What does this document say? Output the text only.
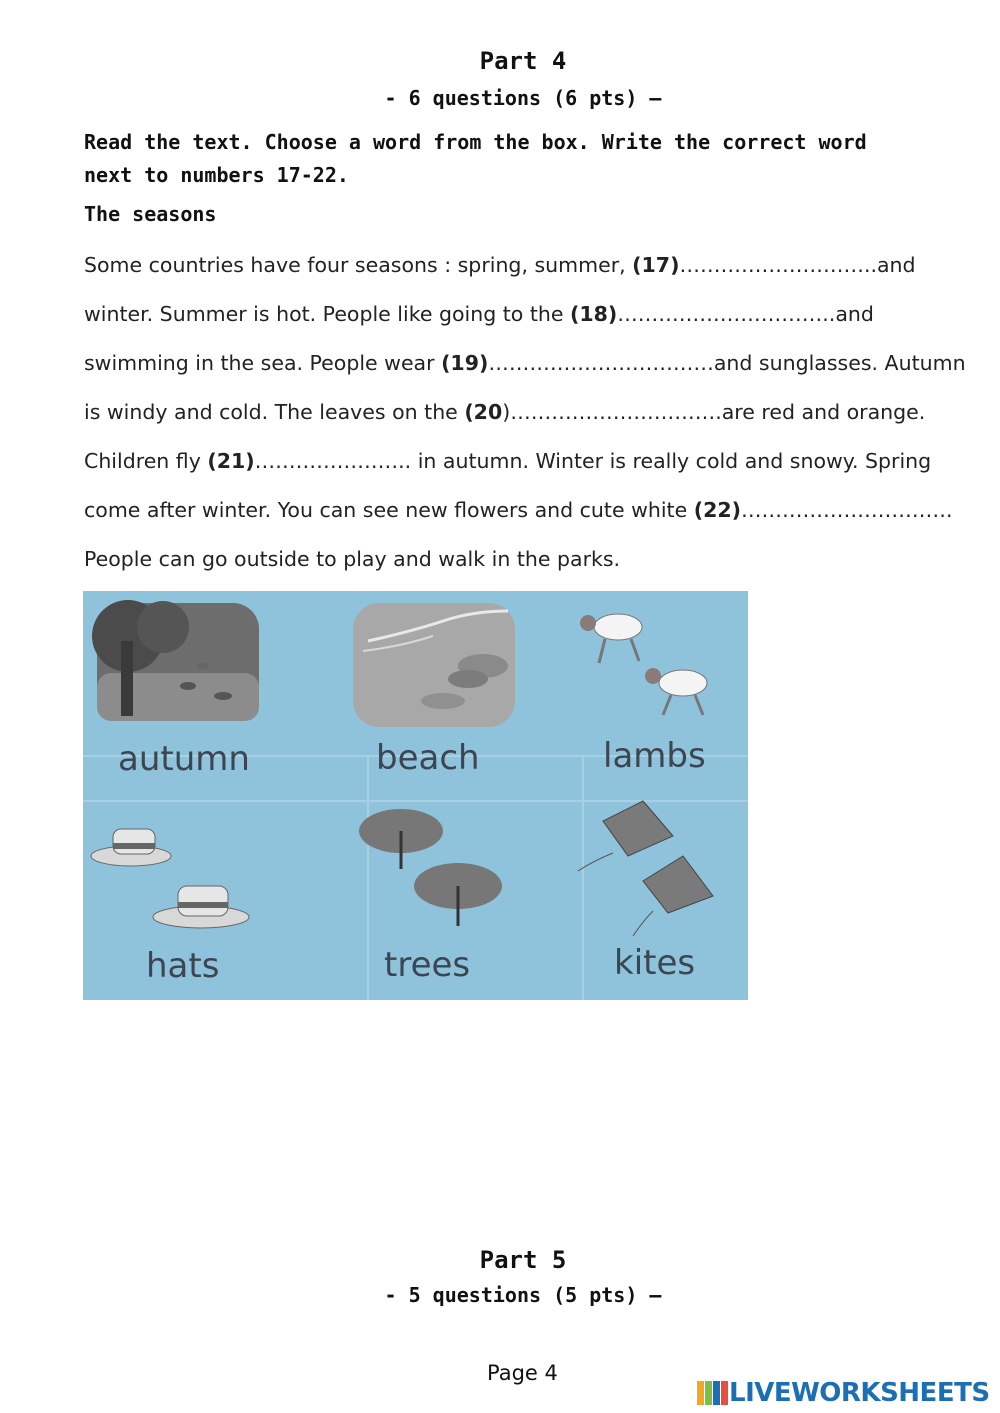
Part 4
- 6 questions (6 pts) –
Read the text. Choose a word from the box. Write the correct word next to numbers 17-22.
The seasons
Some countries have four seasons : spring, summer, (17)………………………..and
winter. Summer is hot. People like going to the (18)…………………………..and
swimming in the sea. People wear (19)……………………………and sunglasses. Autumn
is windy and cold. The leaves on the (20)………………………….are red and orange.
Children fly (21)………………….. in autumn. Winter is really cold and snowy. Spring
come after winter. You can see new flowers and cute white (22)………………………….
People can go outside to play and walk in the parks.
autumn	beach	lambs
hats	trees	kites
Part 5
- 5 questions (5 pts) –
Page 4
LIVEWORKSHEETS
